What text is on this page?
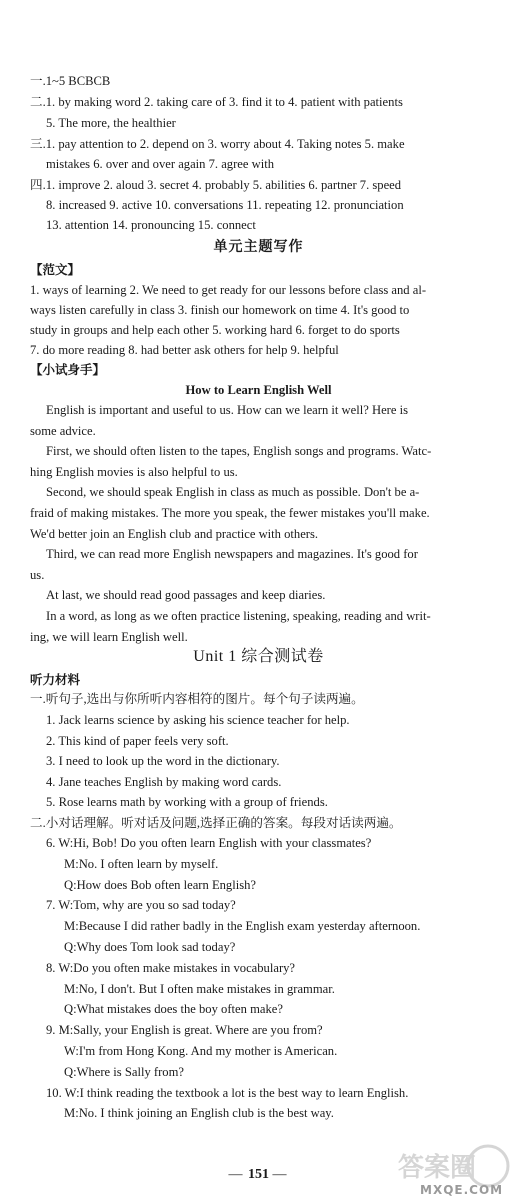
一.1~5 BCBCB
二.1. by making word 2. taking care of 3. find it to 4. patient with patients
5. The more, the healthier
三.1. pay attention to 2. depend on 3. worry about 4. Taking notes 5. make
mistakes 6. over and over again 7. agree with
四.1. improve 2. aloud 3. secret 4. probably 5. abilities 6. partner 7. speed
8. increased 9. active 10. conversations 11. repeating 12. pronunciation
13. attention 14. pronouncing 15. connect
单元主题写作
【范文】
1. ways of learning 2. We need to get ready for our lessons before class and al-
ways listen carefully in class 3. finish our homework on time 4. It's good to
study in groups and help each other 5. working hard 6. forget to do sports
7. do more reading 8. had better ask others for help 9. helpful
【小试身手】
How to Learn English Well
English is important and useful to us. How can we learn it well? Here is
some advice.
First, we should often listen to the tapes, English songs and programs. Watc-
hing English movies is also helpful to us.
Second, we should speak English in class as much as possible. Don't be a-
fraid of making mistakes. The more you speak, the fewer mistakes you'll make.
We'd better join an English club and practice with others.
Third, we can read more English newspapers and magazines. It's good for
us.
At last, we should read good passages and keep diaries.
In a word, as long as we often practice listening, speaking, reading and writ-
ing, we will learn English well.
Unit 1 综合测试卷
听力材料
一.听句子,选出与你所听内容相符的图片。每个句子读两遍。
1. Jack learns science by asking his science teacher for help.
2. This kind of paper feels very soft.
3. I need to look up the word in the dictionary.
4. Jane teaches English by making word cards.
5. Rose learns math by working with a group of friends.
二.小对话理解。听对话及问题,选择正确的答案。每段对话读两遍。
6. W:Hi, Bob! Do you often learn English with your classmates?
M:No. I often learn by myself.
Q:How does Bob often learn English?
7. W:Tom, why are you so sad today?
M:Because I did rather badly in the English exam yesterday afternoon.
Q:Why does Tom look sad today?
8. W:Do you often make mistakes in vocabulary?
M:No, I don't. But I often make mistakes in grammar.
Q:What mistakes does the boy often make?
9. M:Sally, your English is great. Where are you from?
W:I'm from Hong Kong. And my mother is American.
Q:Where is Sally from?
10. W:I think reading the textbook a lot is the best way to learn English.
M:No. I think joining an English club is the best way.
— 151 —	答案圈
MXQE.COM
